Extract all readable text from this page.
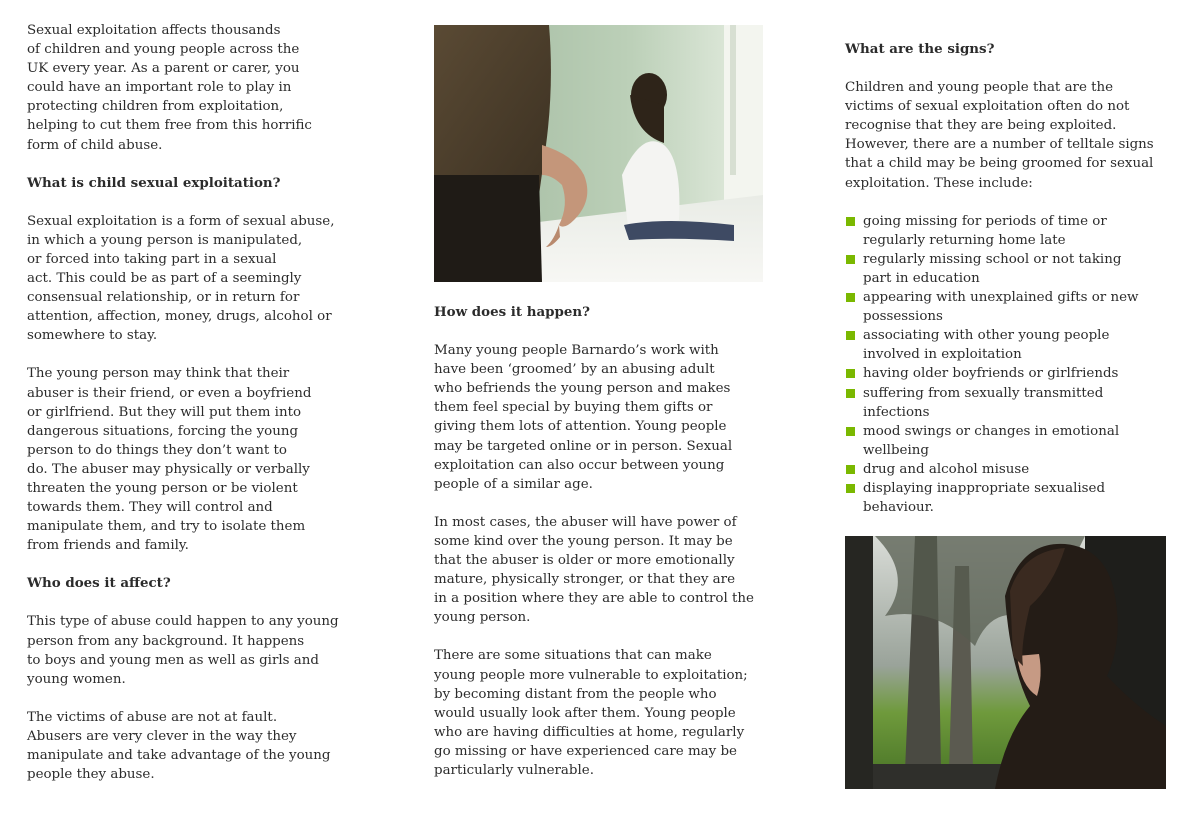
Sexual exploitation affects thousands
of children and young people across the
UK every year. As a parent or carer, you
could have an important role to play in
protecting children from exploitation,
helping to cut them free from this horrific
form of child abuse.

What is child sexual exploitation?

Sexual exploitation is a form of sexual abuse,
in which a young person is manipulated,
or forced into taking part in a sexual
act. This could be as part of a seemingly
consensual relationship, or in return for
attention, affection, money, drugs, alcohol or
somewhere to stay.

The young person may think that their
abuser is their friend, or even a boyfriend
or girlfriend. But they will put them into
dangerous situations, forcing the young
person to do things they don’t want to
do. The abuser may physically or verbally
threaten the young person or be violent
towards them. They will control and
manipulate them, and try to isolate them
from friends and family.

Who does it affect?

This type of abuse could happen to any young
person from any background. It happens
to boys and young men as well as girls and
young women.

The victims of abuse are not at fault.
Abusers are very clever in the way they
manipulate and take advantage of the young
people they abuse.

How does it happen?

Many young people Barnardo’s work with
have been ‘groomed’ by an abusing adult
who befriends the young person and makes
them feel special by buying them gifts or
giving them lots of attention. Young people
may be targeted online or in person. Sexual
exploitation can also occur between young
people of a similar age.

In most cases, the abuser will have power of
some kind over the young person. It may be
that the abuser is older or more emotionally
mature, physically stronger, or that they are
in a position where they are able to control the
young person.

There are some situations that can make
young people more vulnerable to exploitation;
by becoming distant from the people who
would usually look after them. Young people
who are having difficulties at home, regularly
go missing or have experienced care may be
particularly vulnerable.

What are the signs?

Children and young people that are the
victims of sexual exploitation often do not
recognise that they are being exploited.
However, there are a number of telltale signs
that a child may be being groomed for sexual
exploitation. These include:

going missing for periods of time or
regularly returning home late
regularly missing school or not taking
part in education
appearing with unexplained gifts or new
possessions
associating with other young people
involved in exploitation
having older boyfriends or girlfriends
suffering from sexually transmitted
infections
mood swings or changes in emotional
wellbeing
drug and alcohol misuse
displaying inappropriate sexualised
behaviour.
